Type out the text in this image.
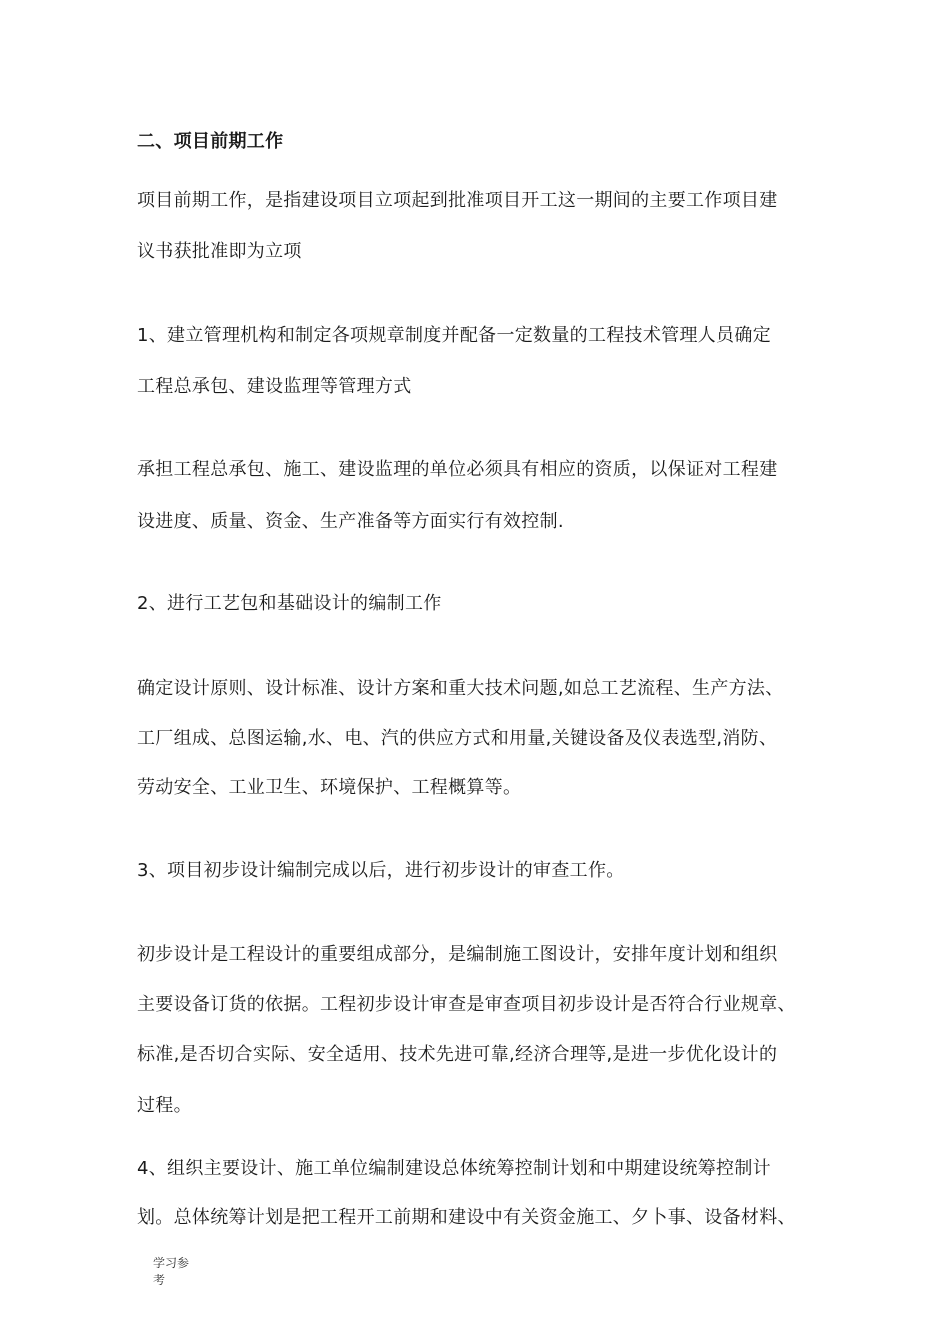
二、项目前期工作
项目前期工作，是指建设项目立项起到批准项目开工这一期间的主要工作项目建
议书获批准即为立项
1、建立管理机构和制定各项规章制度并配备一定数量的工程技术管理人员确定
工程总承包、建设监理等管理方式
承担工程总承包、施工、建设监理的单位必须具有相应的资质，以保证对工程建
设进度、质量、资金、生产准备等方面实行有效控制.
2、进行工艺包和基础设计的编制工作
确定设计原则、设计标准、设计方案和重大技术问题,如总工艺流程、生产方法、
工厂组成、总图运输,水、电、汽的供应方式和用量,关键设备及仪表选型,消防、
劳动安全、工业卫生、环境保护、工程概算等。
3、项目初步设计编制完成以后，进行初步设计的审查工作。
初步设计是工程设计的重要组成部分，是编制施工图设计，安排年度计划和组织
主要设备订货的依据。工程初步设计审查是审查项目初步设计是否符合行业规章、
标准,是否切合实际、安全适用、技术先进可靠,经济合理等,是进一步优化设计的
过程。
4、组织主要设计、施工单位编制建设总体统筹控制计划和中期建设统筹控制计
划。总体统筹计划是把工程开工前期和建设中有关资金施工、夕卜事、设备材料、
学习参考
